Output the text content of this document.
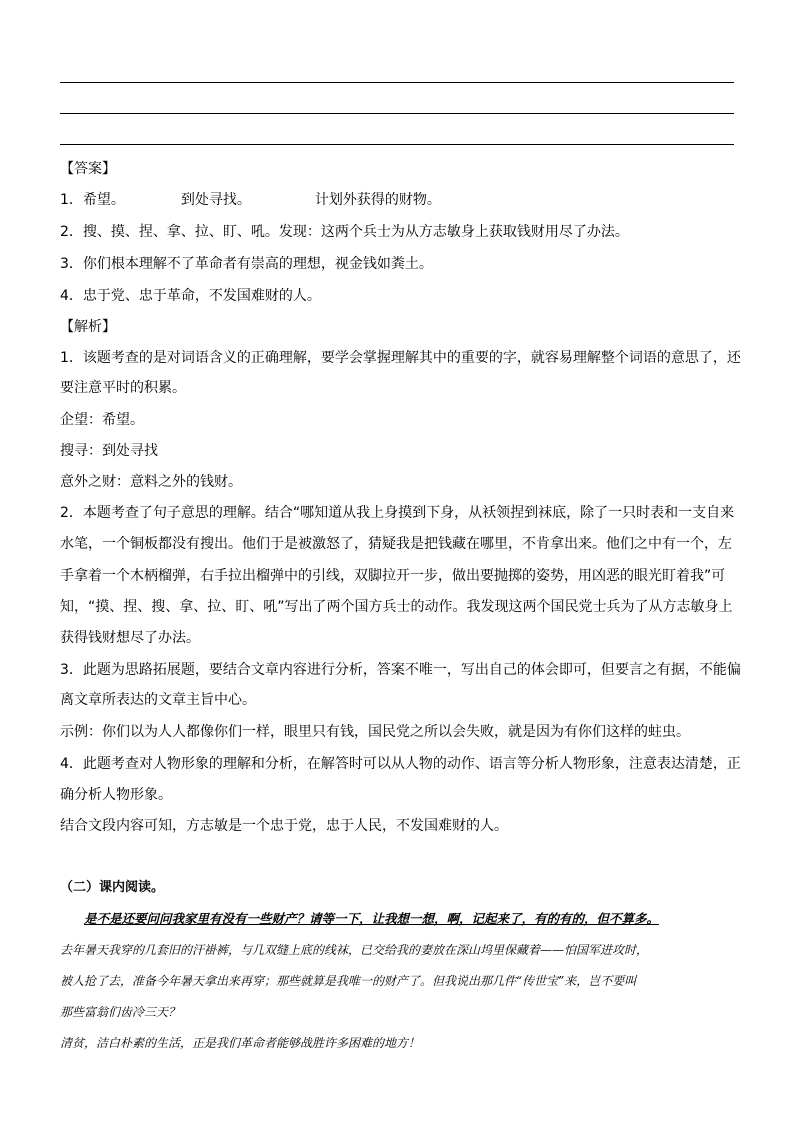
【答案】
1．希望。	到处寻找。	计划外获得的财物。
2．搜、摸、捏、拿、拉、盯、吼。发现：这两个兵士为从方志敏身上获取钱财用尽了办法。
3．你们根本理解不了革命者有崇高的理想，视金钱如粪土。
4．忠于党、忠于革命，不发国难财的人。
【解析】
1．该题考查的是对词语含义的正确理解，要学会掌握理解其中的重要的字，就容易理解整个词语的意思了，还
要注意平时的积累。
企望：希望。
搜寻：到处寻找
意外之财：意料之外的钱财。
2．本题考查了句子意思的理解。结合“哪知道从我上身摸到下身，从袄领捏到袜底，除了一只时表和一支自来
水笔，一个铜板都没有搜出。他们于是被激怒了，猜疑我是把钱藏在哪里，不肯拿出来。他们之中有一个，左
手拿着一个木柄榴弹，右手拉出榴弹中的引线，双脚拉开一步，做出要抛掷的姿势，用凶恶的眼光盯着我”可
知，“摸、捏、搜、拿、拉、盯、吼”写出了两个国方兵士的动作。我发现这两个国民党士兵为了从方志敏身上
获得钱财想尽了办法。
3．此题为思路拓展题，要结合文章内容进行分析，答案不唯一，写出自己的体会即可，但要言之有据，不能偏
离文章所表达的文章主旨中心。
示例：你们以为人人都像你们一样，眼里只有钱，国民党之所以会失败，就是因为有你们这样的蛀虫。
4．此题考查对人物形象的理解和分析，在解答时可以从人物的动作、语言等分析人物形象，注意表达清楚，正
确分析人物形象。
结合文段内容可知，方志敏是一个忠于党，忠于人民，不发国难财的人。
（二）课内阅读。
是不是还要问问我家里有没有一些财产？请等一下，让我想一想，啊，记起来了，有的有的，但不算多。
去年暑天我穿的几套旧的汗褂裤，与几双缝上底的线袜，已交给我的妻放在深山坞里保藏着——怕国军进攻时，
被人抢了去，准备今年暑天拿出来再穿；那些就算是我唯一的财产了。但我说出那几件“传世宝”来，岂不要叫
那些富翁们齿冷三天？
清贫，洁白朴素的生活，正是我们革命者能够战胜许多困难的地方！
